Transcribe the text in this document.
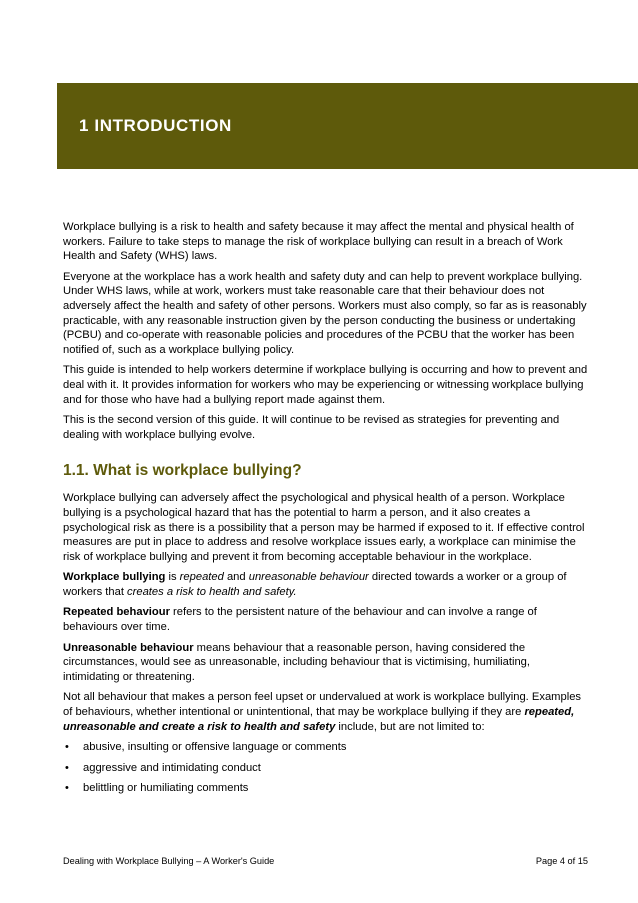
1 INTRODUCTION

Workplace bullying is a risk to health and safety because it may affect the mental and physical health of workers. Failure to take steps to manage the risk of workplace bullying can result in a breach of Work Health and Safety (WHS) laws.

Everyone at the workplace has a work health and safety duty and can help to prevent workplace bullying. Under WHS laws, while at work, workers must take reasonable care that their behaviour does not adversely affect the health and safety of other persons. Workers must also comply, so far as is reasonably practicable, with any reasonable instruction given by the person conducting the business or undertaking (PCBU) and co-operate with reasonable policies and procedures of the PCBU that the worker has been notified of, such as a workplace bullying policy.

This guide is intended to help workers determine if workplace bullying is occurring and how to prevent and deal with it. It provides information for workers who may be experiencing or witnessing workplace bullying and for those who have had a bullying report made against them.

This is the second version of this guide. It will continue to be revised as strategies for preventing and dealing with workplace bullying evolve.

1.1. What is workplace bullying?

Workplace bullying can adversely affect the psychological and physical health of a person. Workplace bullying is a psychological hazard that has the potential to harm a person, and it also creates a psychological risk as there is a possibility that a person may be harmed if exposed to it. If effective control measures are put in place to address and resolve workplace issues early, a workplace can minimise the risk of workplace bullying and prevent it from becoming acceptable behaviour in the workplace.

Workplace bullying is repeated and unreasonable behaviour directed towards a worker or a group of workers that creates a risk to health and safety.

Repeated behaviour refers to the persistent nature of the behaviour and can involve a range of behaviours over time.

Unreasonable behaviour means behaviour that a reasonable person, having considered the circumstances, would see as unreasonable, including behaviour that is victimising, humiliating, intimidating or threatening.

Not all behaviour that makes a person feel upset or undervalued at work is workplace bullying. Examples of behaviours, whether intentional or unintentional, that may be workplace bullying if they are repeated, unreasonable and create a risk to health and safety include, but are not limited to:

• abusive, insulting or offensive language or comments
• aggressive and intimidating conduct
• belittling or humiliating comments
Dealing with Workplace Bullying – A Worker's Guide	Page 4 of 15
